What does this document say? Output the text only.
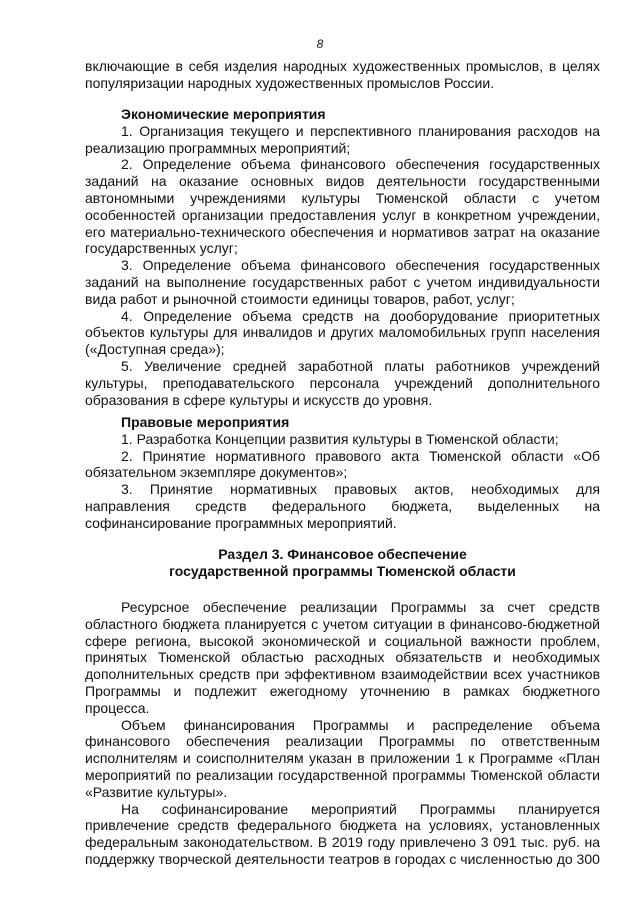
8

включающие в себя изделия народных художественных промыслов, в целях популяризации народных художественных промыслов России.

Экономические мероприятия

1. Организация текущего и перспективного планирования расходов на реализацию программных мероприятий;

2. Определение объема финансового обеспечения государственных заданий на оказание основных видов деятельности государственными автономными учреждениями культуры Тюменской области с учетом особенностей организации предоставления услуг в конкретном учреждении, его материально-технического обеспечения и нормативов затрат на оказание государственных услуг;

3. Определение объема финансового обеспечения государственных заданий на выполнение государственных работ с учетом индивидуальности вида работ и рыночной стоимости единицы товаров, работ, услуг;

4. Определение объема средств на дооборудование приоритетных объектов культуры для инвалидов и других маломобильных групп населения («Доступная среда»);

5. Увеличение средней заработной платы работников учреждений культуры, преподавательского персонала учреждений дополнительного образования в сфере культуры и искусств до уровня.

Правовые мероприятия

1. Разработка Концепции развития культуры в Тюменской области;

2. Принятие нормативного правового акта Тюменской области «Об обязательном экземпляре документов»;

3. Принятие нормативных правовых актов, необходимых для направления средств федерального бюджета, выделенных на софинансирование программных мероприятий.

Раздел 3. Финансовое обеспечение

государственной программы Тюменской области

Ресурсное обеспечение реализации Программы за счет средств областного бюджета планируется с учетом ситуации в финансово-бюджетной сфере региона, высокой экономической и социальной важности проблем, принятых Тюменской областью расходных обязательств и необходимых дополнительных средств при эффективном взаимодействии всех участников Программы и подлежит ежегодному уточнению в рамках бюджетного процесса.

Объем финансирования Программы и распределение объема финансового обеспечения реализации Программы по ответственным исполнителям и соисполнителям указан в приложении 1 к Программе «План мероприятий по реализации государственной программы Тюменской области «Развитие культуры».

На софинансирование мероприятий Программы планируется привлечение средств федерального бюджета на условиях, установленных федеральным законодательством. В 2019 году привлечено 3 091 тыс. руб. на поддержку творческой деятельности театров в городах с численностью до 300
